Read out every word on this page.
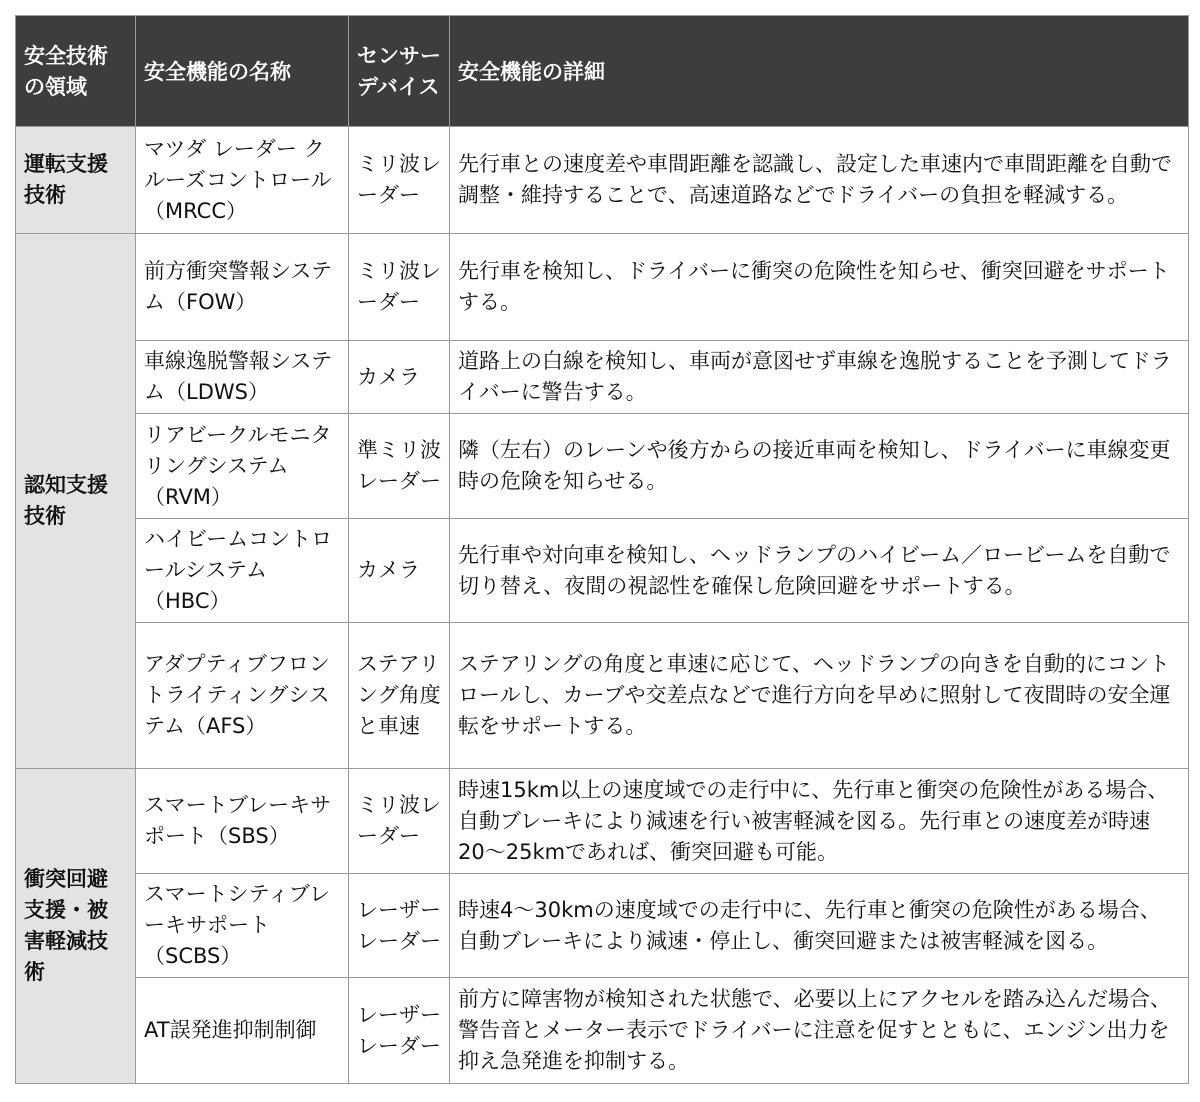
安全技術の領域	安全機能の名称	センサーデバイス	安全機能の詳細
運転支援技術	マツダ レーダー クルーズコントロール（MRCC）	ミリ波レーダー	先行車との速度差や車間距離を認識し、設定した車速内で車間距離を自動で調整・維持することで、高速道路などでドライバーの負担を軽減する。
認知支援技術	前方衝突警報システム（FOW）	ミリ波レーダー	先行車を検知し、ドライバーに衝突の危険性を知らせ、衝突回避をサポートする。
	車線逸脱警報システム（LDWS）	カメラ	道路上の白線を検知し、車両が意図せず車線を逸脱することを予測してドライバーに警告する。
	リアビークルモニタリングシステム（RVM）	準ミリ波レーダー	隣（左右）のレーンや後方からの接近車両を検知し、ドライバーに車線変更時の危険を知らせる。
	ハイビームコントロールシステム（HBC）	カメラ	先行車や対向車を検知し、ヘッドランプのハイビーム／ロービームを自動で切り替え、夜間の視認性を確保し危険回避をサポートする。
	アダプティブフロントライティングシステム（AFS）	ステアリング角度と車速	ステアリングの角度と車速に応じて、ヘッドランプの向きを自動的にコントロールし、カーブや交差点などで進行方向を早めに照射して夜間時の安全運転をサポートする。
衝突回避支援・被害軽減技術	スマートブレーキサポート（SBS）	ミリ波レーダー	時速15km以上の速度域での走行中に、先行車と衝突の危険性がある場合、自動ブレーキにより減速を行い被害軽減を図る。先行車との速度差が時速20〜25kmであれば、衝突回避も可能。
	スマートシティブレーキサポート（SCBS）	レーザーレーダー	時速4〜30kmの速度域での走行中に、先行車と衝突の危険性がある場合、自動ブレーキにより減速・停止し、衝突回避または被害軽減を図る。
	AT誤発進抑制制御	レーザーレーダー	前方に障害物が検知された状態で、必要以上にアクセルを踏み込んだ場合、警告音とメーター表示でドライバーに注意を促すとともに、エンジン出力を抑え急発進を抑制する。
